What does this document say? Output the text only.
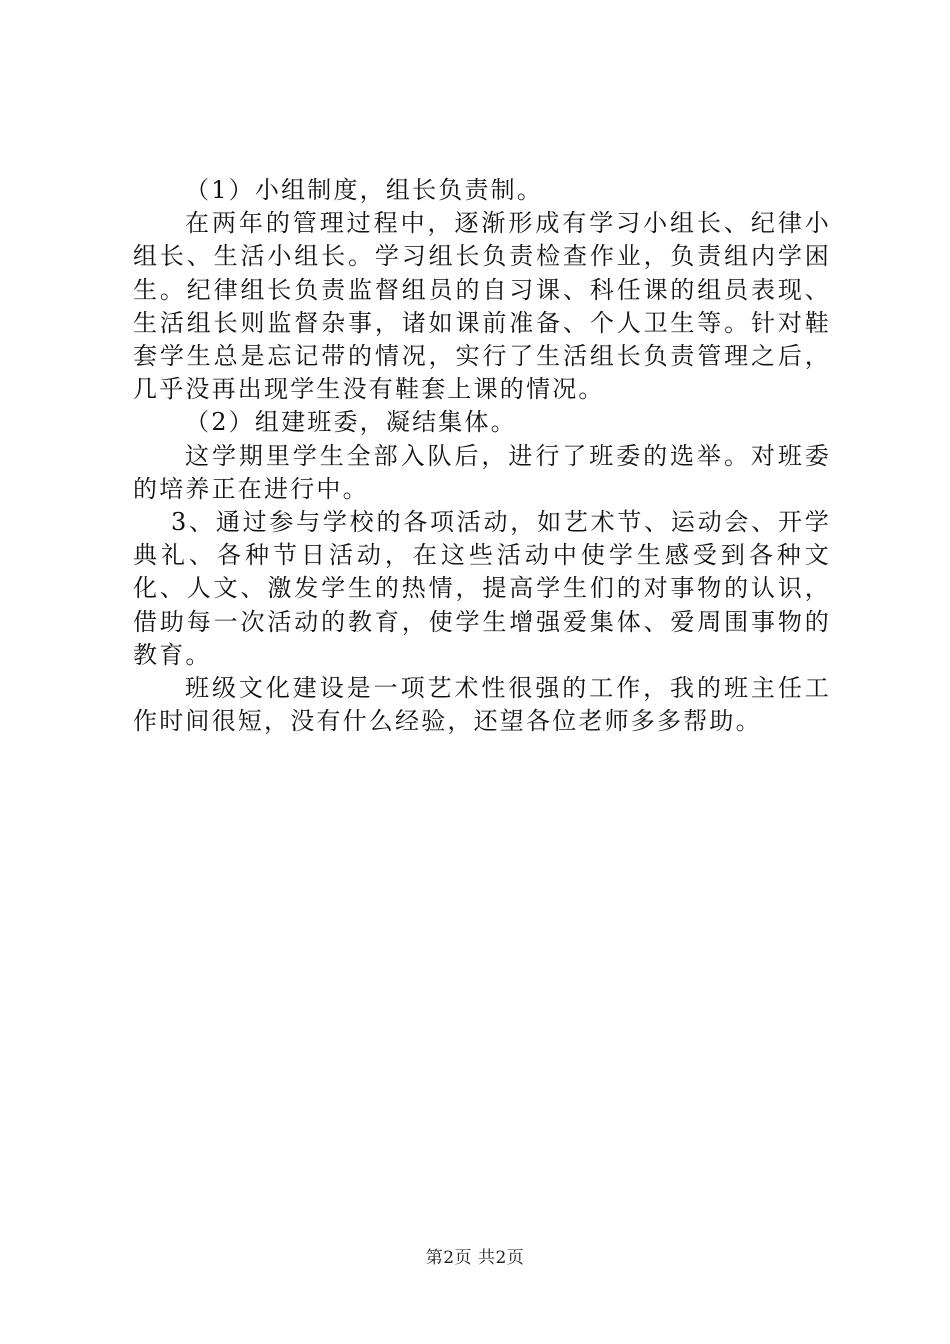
（1）小组制度，组长负责制。

在两年的管理过程中，逐渐形成有学习小组长、纪律小组长、生活小组长。学习组长负责检查作业，负责组内学困生。纪律组长负责监督组员的自习课、科任课的组员表现、生活组长则监督杂事，诸如课前准备、个人卫生等。针对鞋套学生总是忘记带的情况，实行了生活组长负责管理之后，几乎没再出现学生没有鞋套上课的情况。

（2）组建班委，凝结集体。

这学期里学生全部入队后，进行了班委的选举。对班委的培养正在进行中。

3、通过参与学校的各项活动，如艺术节、运动会、开学典礼、各种节日活动，在这些活动中使学生感受到各种文化、人文、激发学生的热情，提高学生们的对事物的认识，借助每一次活动的教育，使学生增强爱集体、爱周围事物的教育。

班级文化建设是一项艺术性很强的工作，我的班主任工作时间很短，没有什么经验，还望各位老师多多帮助。

第2页 共2页
